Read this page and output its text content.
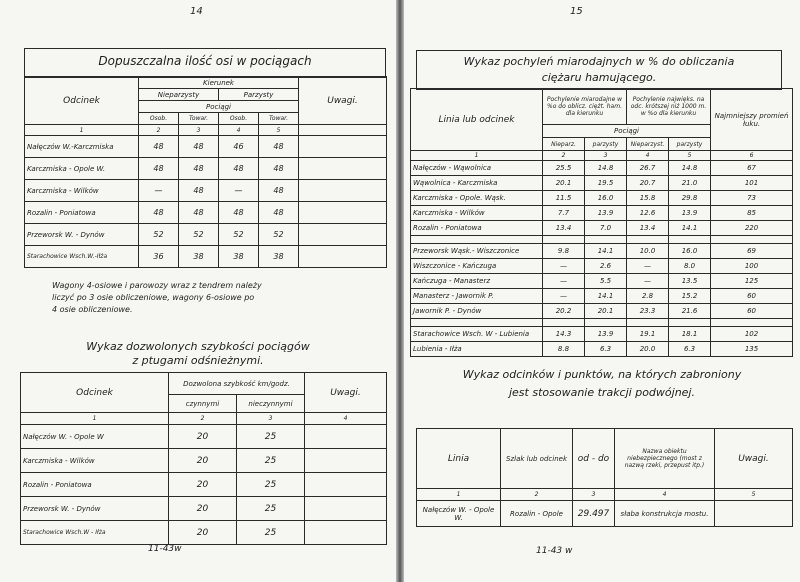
14
Dopuszczalna ilość osi w pociągach
Odcinek	Kierunek				Uwagi.
	Nieparzysty		Parzysty		
	Pociągi				
	Osob.	Towar.	Osob.	Towar.	
1	2	3	4	5	
Nałęczów W.-Karczmiska	48	48	46	48	
Karczmiska - Opole W.	48	48	48	48	
Karczmiska - Wilków	—	48	—	48	
Rozalin - Poniatowa	48	48	48	48	
Przeworsk W. - Dynów	52	52	52	52	
Starachowice Wsch.W.-Iłża	36	38	38	38	
Wagony 4-osiowe i parowozy wraz z tendrem należy
liczyć po 3 osie obliczeniowe, wagony 6-osiowe po
4 osie obliczeniowe.
Wykaz dozwolonych szybkości pociągów
z ptugami odśnieżnymi.
Odcinek	Dozwolona szybkość km/godz.		Uwagi.
	czynnymi	nieczynnymi	
1	2	3	4
Nałęczów W. - Opole W	20	25	
Karczmiska - Wilków	20	25	
Rozalin - Poniatowa	20	25	
Przeworsk W. - Dynów	20	25	
Starachowice Wsch.W - Iłża	20	25	
11-43w
15
Wykaz pochyleń miarodajnych w % do obliczania
ciężaru hamującego.
Linia lub odcinek	Pochylenie miarodajne w %o do oblicz. ciężt. ham. dla kierunku		Pochylenie najwięks. na odc. krótszej niż 1000 m. w %o dla kierunku		Najmniejszy promień łuku.
	Pociągi				
	Nieparz.	parzysty	Nieparzyst.	parzysty	
1	2	3	4	5	6
Nałęczów - Wąwolnica	25.5	14.8	26.7	14.8	67
Wąwolnica - Karczmiska	20.1	19.5	20.7	21.0	101
Karczmiska - Opole. Wąsk.	11.5	16.0	15.8	29.8	73
Karczmiska - Wilków	7.7	13.9	12.6	13.9	85
Rozalin - Poniatowa	13.4	7.0	13.4	14.1	220

Przeworsk Wąsk.- Wiszczonice	9.8	14.1	10.0	16.0	69
Wiszczonice - Kańczuga	—	2.6	—	8.0	100
Kańczuga - Manasterz	—	5.5	—	13.5	125
Manasterz - Jawornik P.	—	14.1	2.8	15.2	60
Jawornik P. - Dynów	20.2	20.1	23.3	21.6	60

Starachowice Wsch. W - Lubienia	14.3	13.9	19.1	18.1	102
Lubienia - Iłża	8.8	6.3	20.0	6.3	135
Wykaz odcinków i punktów, na których zabroniony
jest stosowanie trakcji podwójnej.
Linia	Szlak lub odcinek	od - do	Nazwa obiektu niebezpiecznego (most z nazwą rzeki, przepust itp.)	Uwagi.
1	2	3	4	5
Nałęczów W. - Opole W.	Rozalin - Opole	29.497	słaba konstrukcja mostu.	
11-43 w
